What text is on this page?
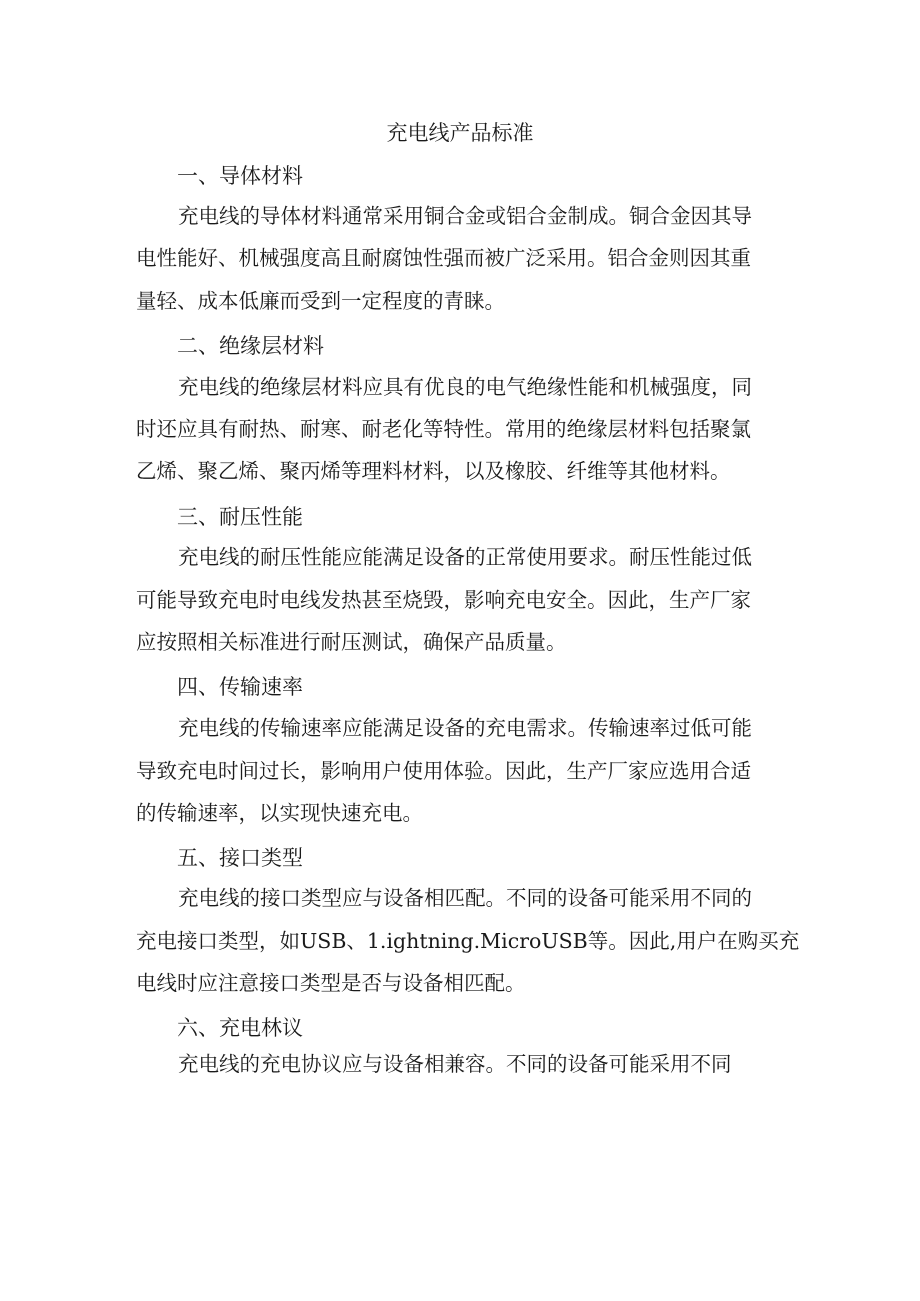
充电线产品标准
一、导体材料
充电线的导体材料通常采用铜合金或铝合金制成。铜合金因其导
电性能好、机械强度高且耐腐蚀性强而被广泛采用。铝合金则因其重
量轻、成本低廉而受到一定程度的青睐。
二、绝缘层材料
充电线的绝缘层材料应具有优良的电气绝缘性能和机械强度，同
时还应具有耐热、耐寒、耐老化等特性。常用的绝缘层材料包括聚氯
乙烯、聚乙烯、聚丙烯等理料材料，以及橡胶、纤维等其他材料。
三、耐压性能
充电线的耐压性能应能满足设备的正常使用要求。耐压性能过低
可能导致充电时电线发热甚至烧毁，影响充电安全。因此，生产厂家
应按照相关标准进行耐压测试，确保产品质量。
四、传输速率
充电线的传输速率应能满足设备的充电需求。传输速率过低可能
导致充电时间过长，影响用户使用体验。因此，生产厂家应选用合适
的传输速率，以实现快速充电。
五、接口类型
充电线的接口类型应与设备相匹配。不同的设备可能采用不同的
充电接口类型，如USB、1.ightning.MicroUSB等。因此,用户在购买充
电线时应注意接口类型是否与设备相匹配。
六、充电林议
充电线的充电协议应与设备相兼容。不同的设备可能采用不同
